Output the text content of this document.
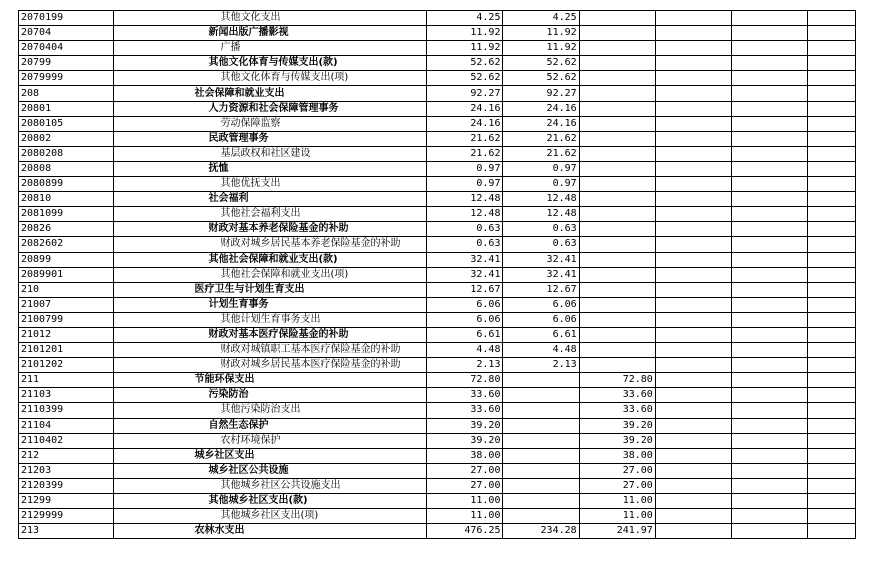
2070199	其他文化支出	4.25	4.25				
20704	新闻出版广播影视	11.92	11.92				
2070404	广播	11.92	11.92				
20799	其他文化体育与传媒支出(款)	52.62	52.62				
2079999	其他文化体育与传媒支出(项)	52.62	52.62				
208	社会保障和就业支出	92.27	92.27				
20801	人力资源和社会保障管理事务	24.16	24.16				
2080105	劳动保障监察	24.16	24.16				
20802	民政管理事务	21.62	21.62				
2080208	基层政权和社区建设	21.62	21.62				
20808	抚恤	0.97	0.97				
2080899	其他优抚支出	0.97	0.97				
20810	社会福利	12.48	12.48				
2081099	其他社会福利支出	12.48	12.48				
20826	财政对基本养老保险基金的补助	0.63	0.63				
2082602	财政对城乡居民基本养老保险基金的补助	0.63	0.63				
20899	其他社会保障和就业支出(款)	32.41	32.41				
2089901	其他社会保障和就业支出(项)	32.41	32.41				
210	医疗卫生与计划生育支出	12.67	12.67				
21007	计划生育事务	6.06	6.06				
2100799	其他计划生育事务支出	6.06	6.06				
21012	财政对基本医疗保险基金的补助	6.61	6.61				
2101201	财政对城镇职工基本医疗保险基金的补助	4.48	4.48				
2101202	财政对城乡居民基本医疗保险基金的补助	2.13	2.13				
211	节能环保支出	72.80		72.80			
21103	污染防治	33.60		33.60			
2110399	其他污染防治支出	33.60		33.60			
21104	自然生态保护	39.20		39.20			
2110402	农村环境保护	39.20		39.20			
212	城乡社区支出	38.00		38.00			
21203	城乡社区公共设施	27.00		27.00			
2120399	其他城乡社区公共设施支出	27.00		27.00			
21299	其他城乡社区支出(款)	11.00		11.00			
2129999	其他城乡社区支出(项)	11.00		11.00			
213	农林水支出	476.25	234.28	241.97			
